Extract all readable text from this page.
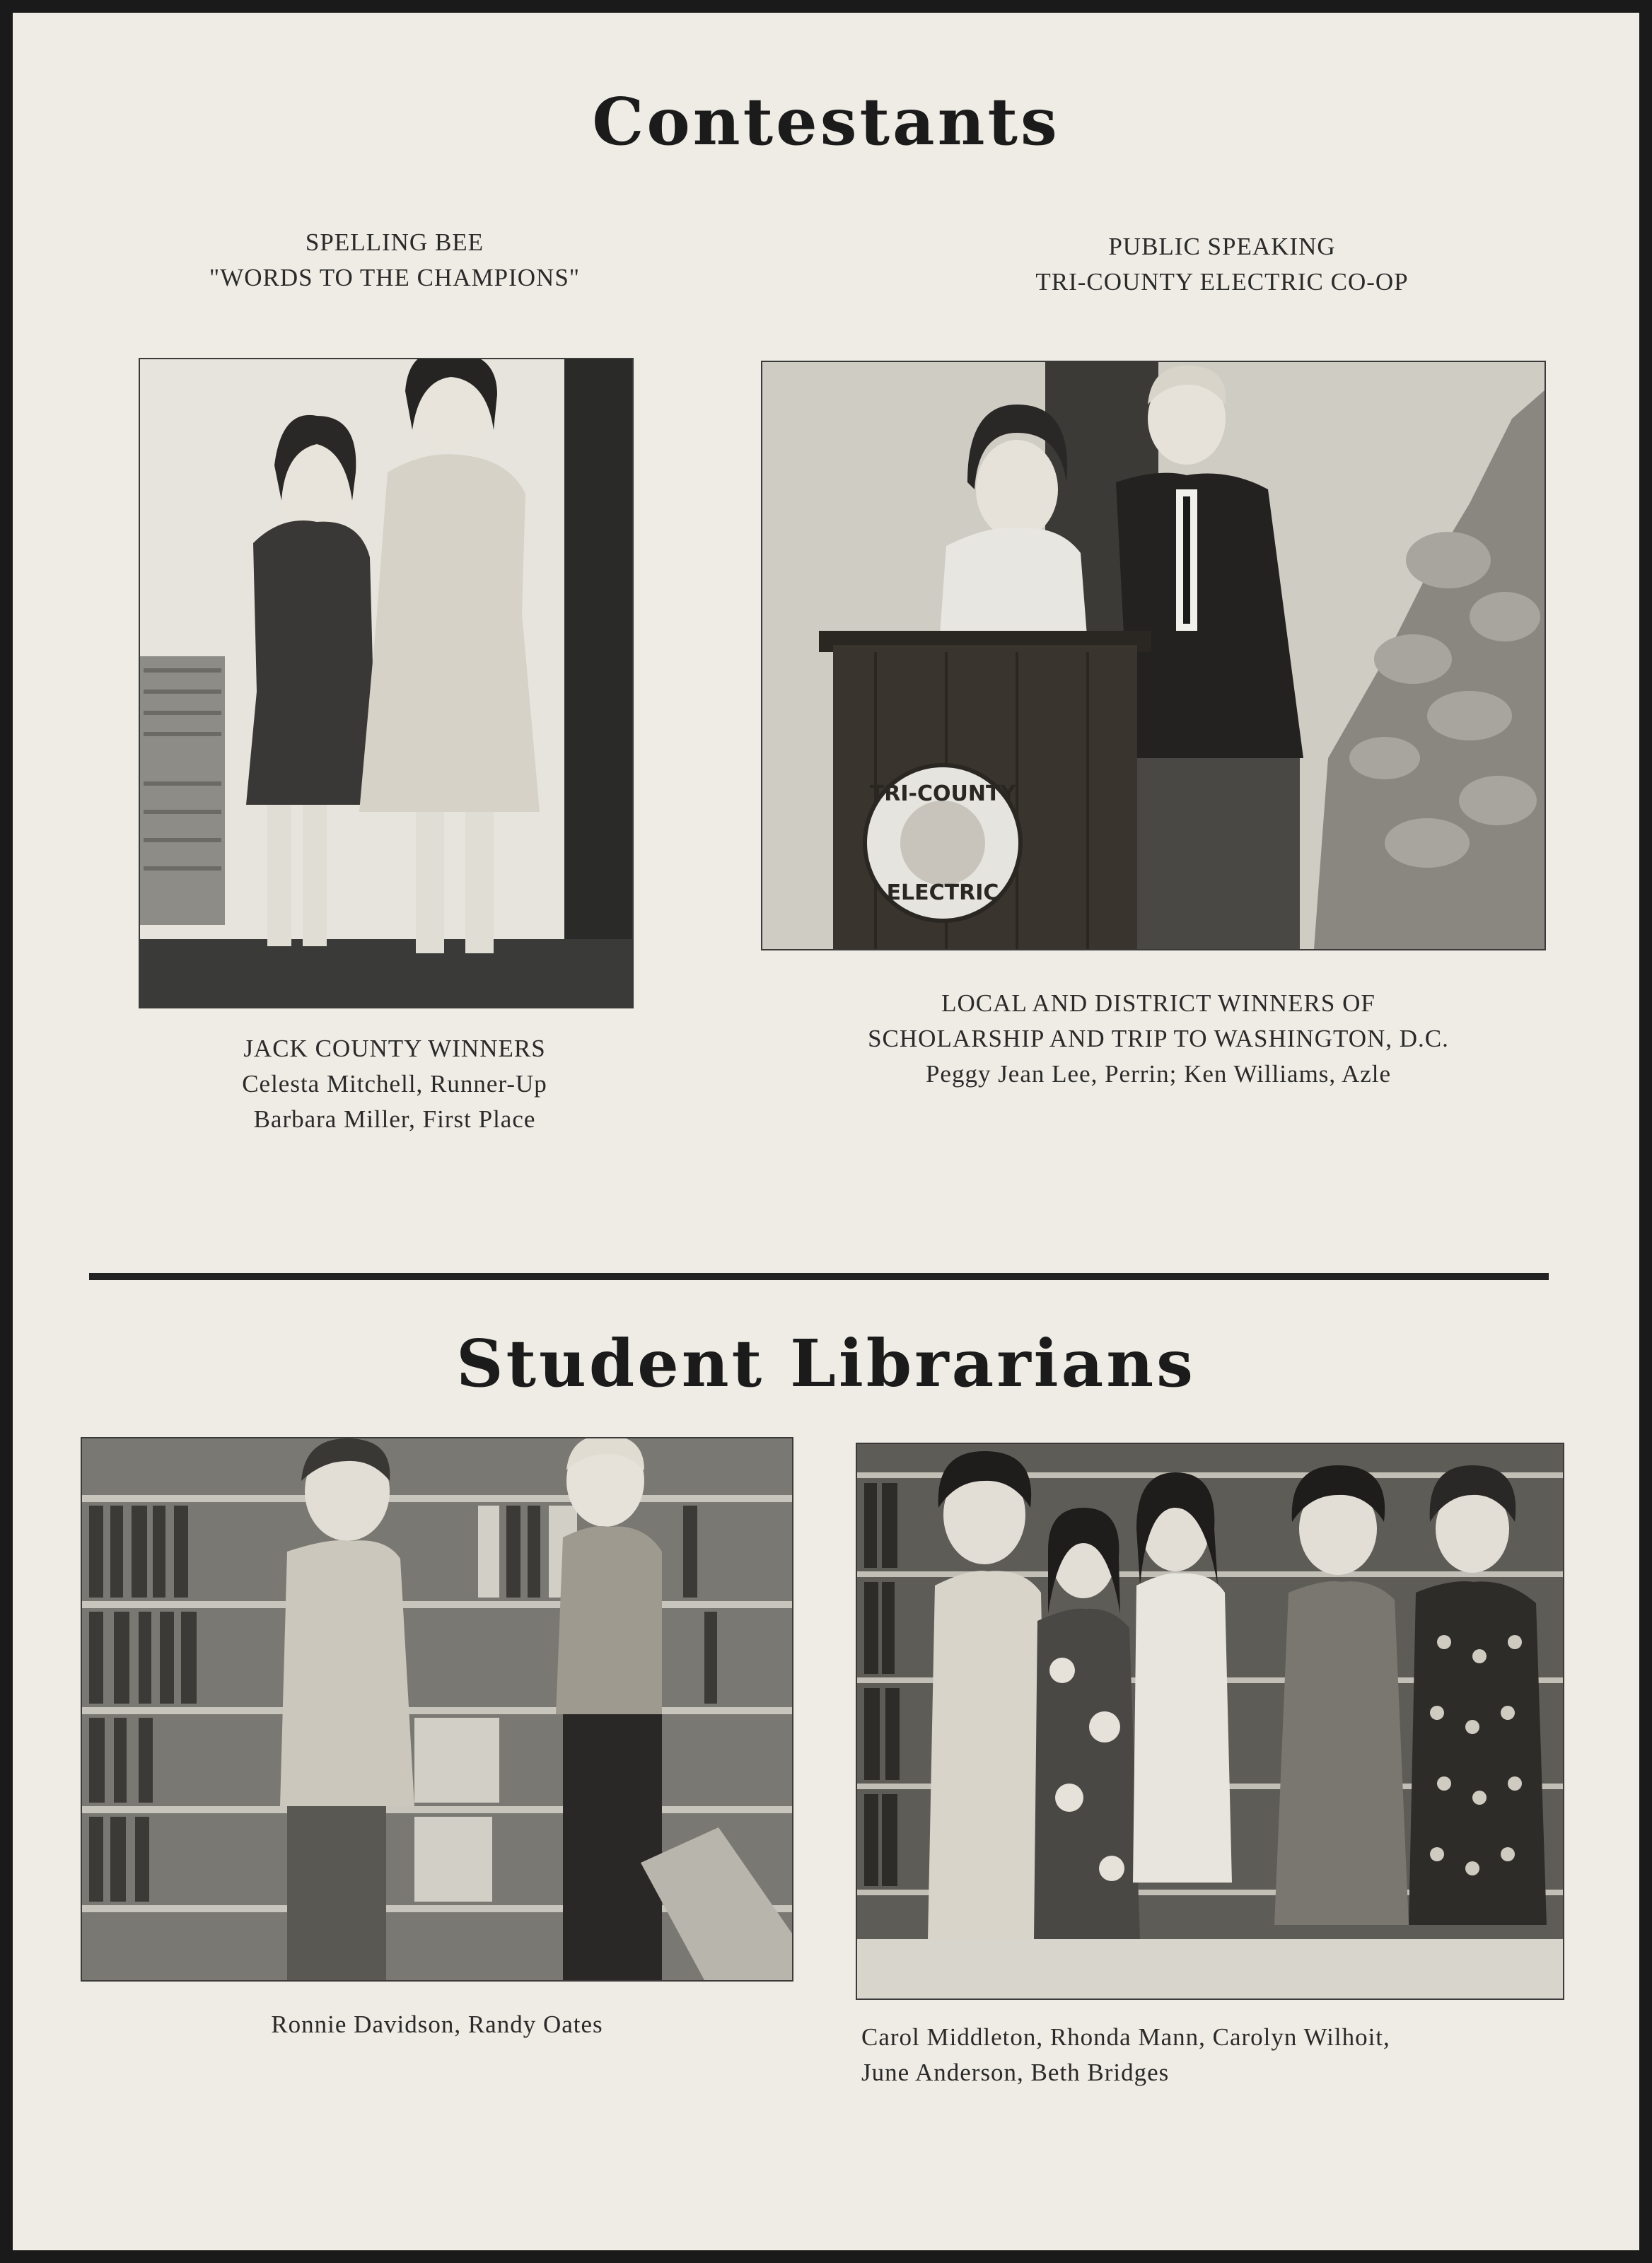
Contestants
SPELLING BEE
"WORDS TO THE CHAMPIONS"
PUBLIC SPEAKING
TRI-COUNTY ELECTRIC CO-OP
TRI-COUNTY
ELECTRIC
JACK COUNTY WINNERS
Celesta Mitchell, Runner-Up
Barbara Miller, First Place
LOCAL AND DISTRICT WINNERS OF
SCHOLARSHIP AND TRIP TO WASHINGTON, D.C.
Peggy Jean Lee, Perrin; Ken Williams, Azle
Student Librarians
Ronnie Davidson, Randy Oates	Carol Middleton, Rhonda Mann, Carolyn Wilhoit,
June Anderson, Beth Bridges
